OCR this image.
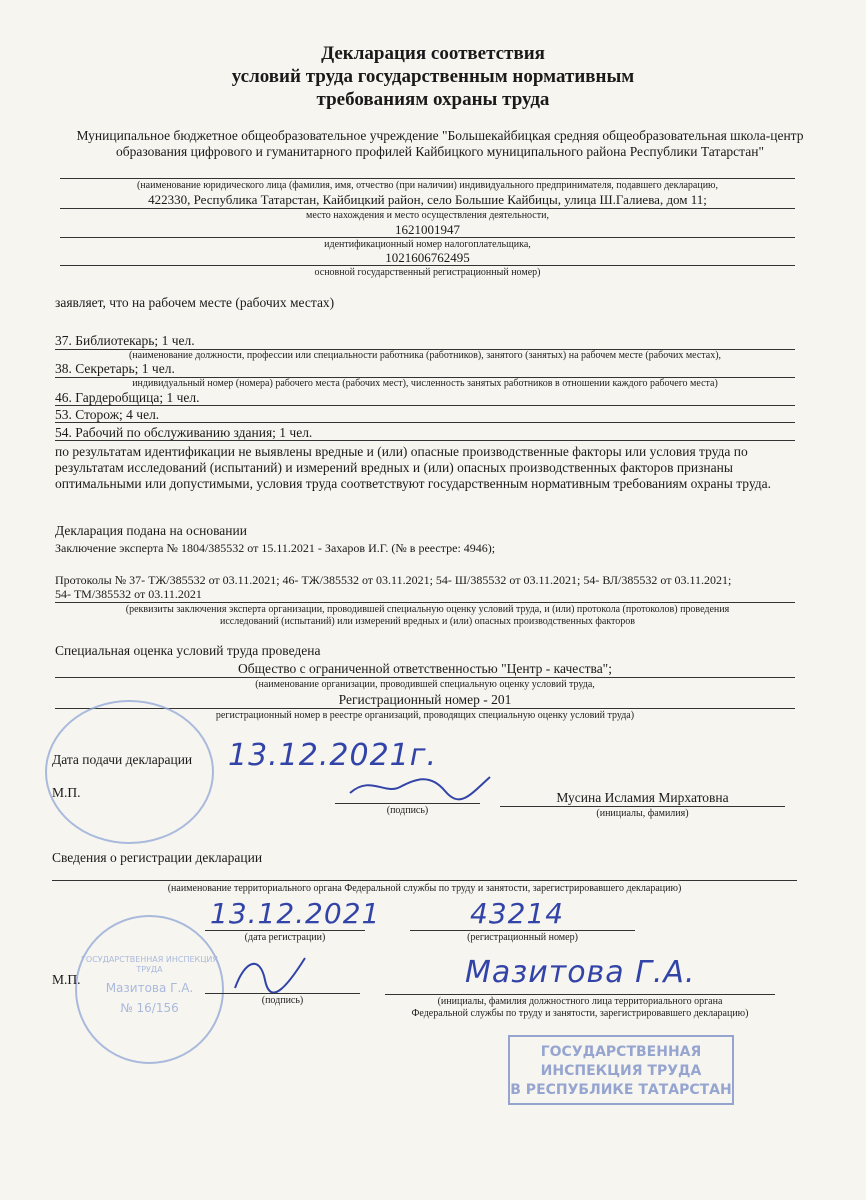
Декларация соответствия
условий труда государственным нормативным
требованиям охраны труда
Муниципальное бюджетное общеобразовательное учреждение "Большекайбицкая средняя общеобразовательная школа-центр образования цифрового и гуманитарного профилей Кайбицкого муниципального района Республики Татарстан"
(наименование юридического лица (фамилия, имя, отчество (при наличии) индивидуального предпринимателя, подавшего декларацию,
422330, Республика Татарстан, Кайбицкий район, село Большие Кайбицы, улица Ш.Галиева, дом 11;
место нахождения и место осуществления деятельности,
1621001947
идентификационный номер налогоплательщика,
1021606762495
основной государственный регистрационный номер)
заявляет, что на рабочем месте (рабочих местах)
37. Библиотекарь; 1 чел.
(наименование должности, профессии или специальности работника (работников), занятого (занятых) на рабочем месте (рабочих местах),
38. Секретарь; 1 чел.
индивидуальный номер (номера) рабочего места (рабочих мест), численность занятых работников в отношении каждого рабочего места)
46. Гардеробщица; 1 чел.
53. Сторож; 4 чел.
54. Рабочий по обслуживанию здания; 1 чел.
по результатам идентификации не выявлены вредные и (или) опасные производственные факторы или условия труда по результатам исследований (испытаний) и измерений вредных и (или) опасных производственных факторов признаны оптимальными или допустимыми, условия труда соответствуют государственным нормативным требованиям охраны труда.
Декларация подана на основании
Заключение эксперта № 1804/385532 от 15.11.2021 - Захаров И.Г. (№ в реестре: 4946);
Протоколы № 37- ТЖ/385532 от 03.11.2021; 46- ТЖ/385532 от 03.11.2021; 54- Ш/385532 от 03.11.2021; 54- ВЛ/385532 от 03.11.2021;
54- ТМ/385532 от 03.11.2021
(реквизиты заключения эксперта организации, проводившей специальную оценку условий труда, и (или) протокола (протоколов) проведения
исследований (испытаний) или измерений вредных и (или) опасных производственных факторов
Специальная оценка условий труда проведена
Общество с ограниченной ответственностью "Центр - качества";
(наименование организации, проводившей специальную оценку условий труда,
Регистрационный номер - 201
регистрационный номер в реестре организаций, проводящих специальную оценку условий труда)
Дата подачи декларации 13.12.2021г.
М.П.
(подпись)
Мусина Исламия Мирхатовна
(инициалы, фамилия)
Сведения о регистрации декларации
(наименование территориального органа Федеральной службы по труду и занятости, зарегистрировавшего декларацию)
13.12.2021
(дата регистрации)
43214
(регистрационный номер)
ГОСУДАРСТВЕННАЯ ИНСПЕКЦИЯ ТРУДА
Мазитова Г.А.
№ 16/156
М.П.
(подпись)
Мазитова Г.А.
(инициалы, фамилия должностного лица территориального органа
Федеральной службы по труду и занятости, зарегистрировавшего декларацию)
ГОСУДАРСТВЕННАЯ
ИНСПЕКЦИЯ ТРУДА
В РЕСПУБЛИКЕ ТАТАРСТАН
